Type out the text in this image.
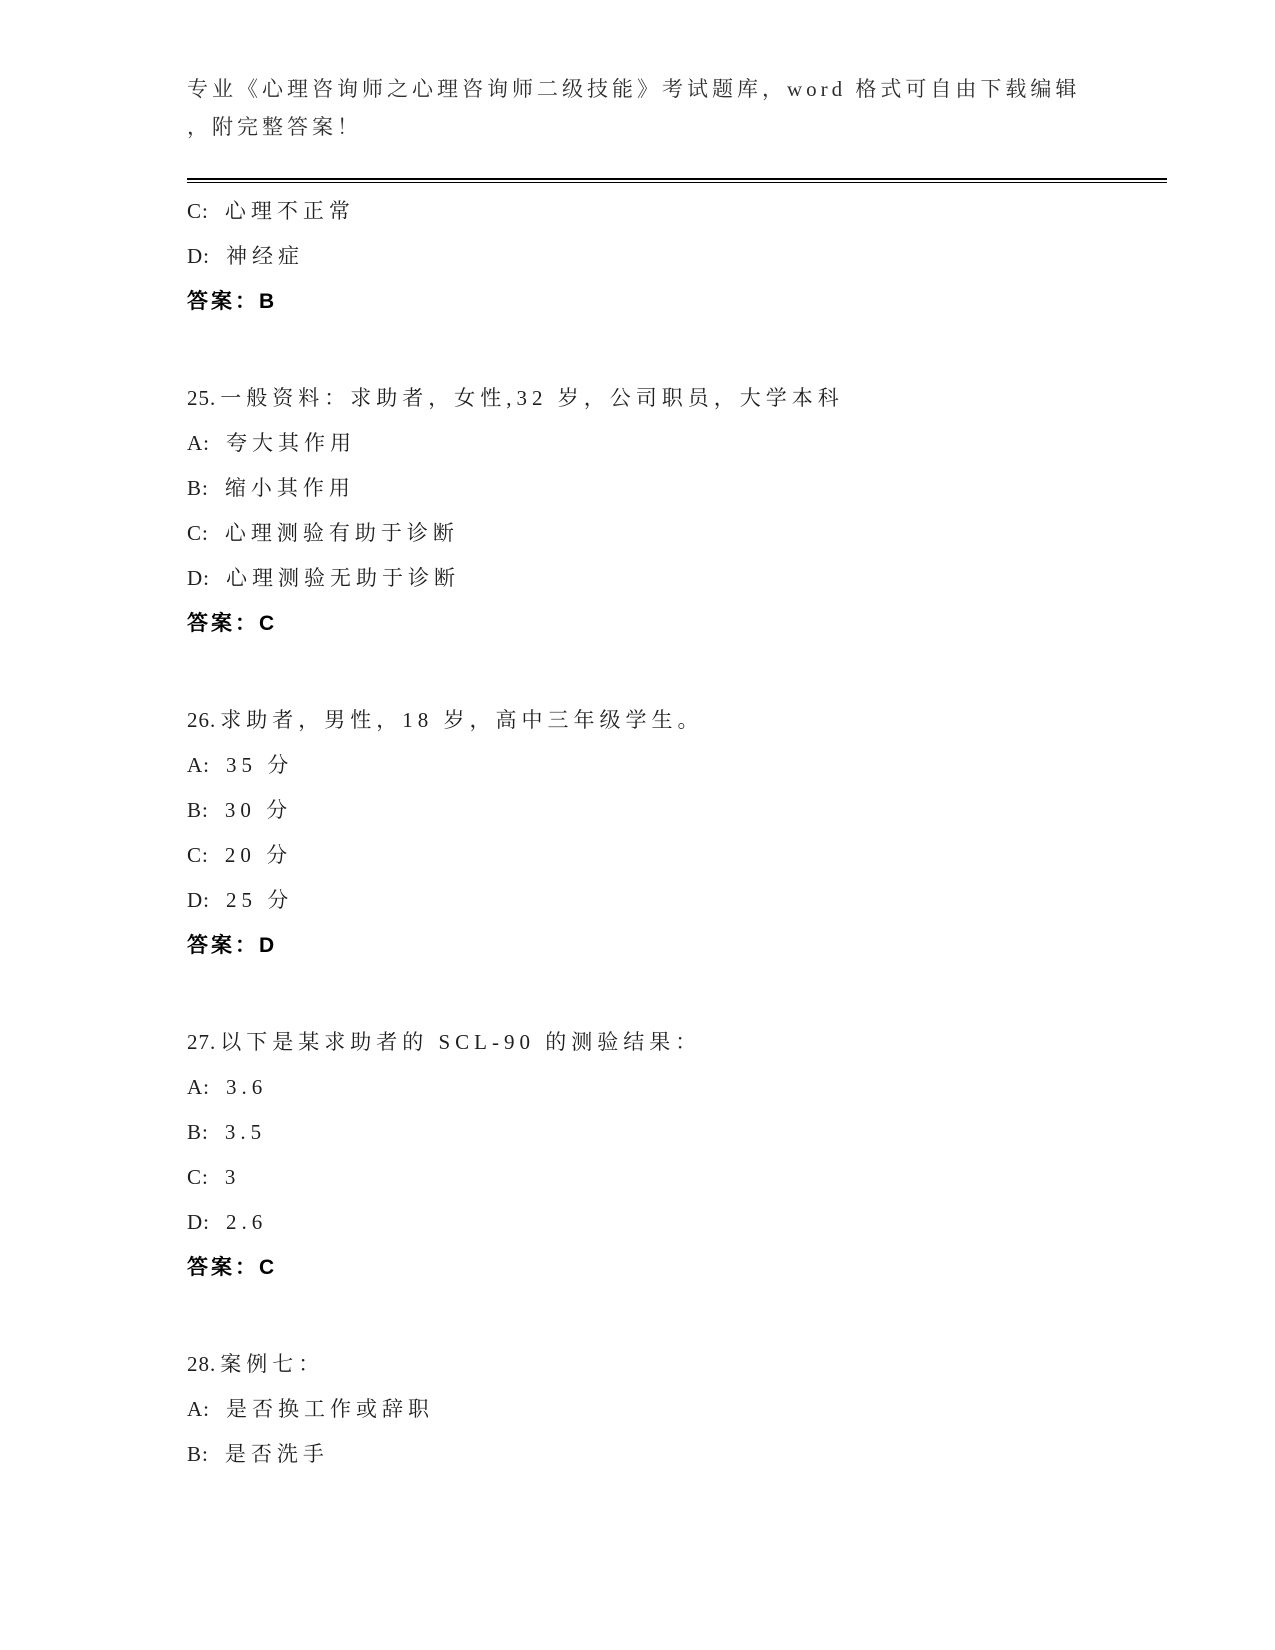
专业《心理咨询师之心理咨询师二级技能》考试题库，word 格式可自由下载编辑

，附完整答案！

C: 心理不正常

D: 神经症

答案：B

25. 一般资料：求助者，女性,32 岁，公司职员，大学本科

A: 夸大其作用

B: 缩小其作用

C: 心理测验有助于诊断

D: 心理测验无助于诊断

答案：C

26. 求助者，男性，18 岁，高中三年级学生。

A: 35 分

B: 30 分

C: 20 分

D: 25 分

答案：D

27. 以下是某求助者的 SCL-90 的测验结果：

A: 3.6

B: 3.5

C: 3

D: 2.6

答案：C

28. 案例七：

A: 是否换工作或辞职

B: 是否洗手
